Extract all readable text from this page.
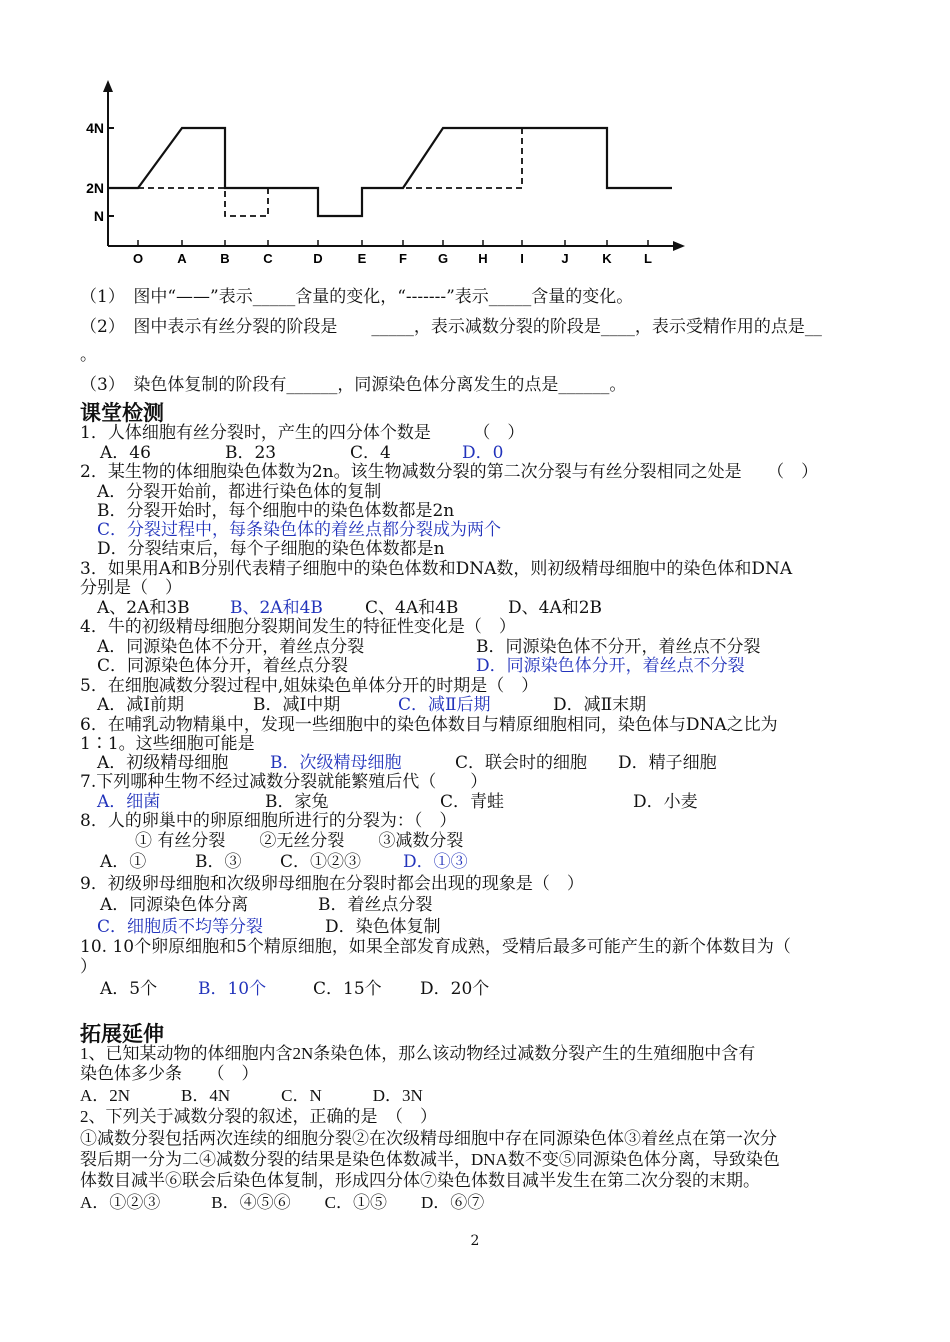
4N
2N
N
O	A	B	C	D	E	F G H I	J	K L
（1）　图中“——”表示_____含量的变化，“-------”表示_____含量的变化。
（2）　图中表示有丝分裂的阶段是　　_____，表示减数分裂的阶段是____，表示受精作用的点是__
。
（3）　染色体复制的阶段有______，同源染色体分离发生的点是______。
课堂检测
1．人体细胞有丝分裂时，产生的四分体个数是　　　（　）
A．46	B．23	C．4	D．0
2．某生物的体细胞染色体数为2n。该生物减数分裂的第二次分裂与有丝分裂相同之处是　　（　）
A．分裂开始前，都进行染色体的复制
B．分裂开始时，每个细胞中的染色体数都是2n
C．分裂过程中，每条染色体的着丝点都分裂成为两个
D．分裂结束后，每个子细胞的染色体数都是n
3．如果用A和B分别代表精子细胞中的染色体数和DNA数，则初级精母细胞中的染色体和DNA
分别是（　）
A、2A和3B B、2A和4B C、4A和4B	D、4A和2B
4．牛的初级精母细胞分裂期间发生的特征性变化是（　）
A．同源染色体不分开，着丝点分裂	B．同源染色体不分开，着丝点不分裂
C．同源染色体分开，着丝点分裂	D．同源染色体分开，着丝点不分裂
5．在细胞减数分裂过程中,姐妹染色单体分开的时期是（　）
A．减Ⅰ前期	B．减Ⅰ中期	C．减Ⅱ后期	D．减Ⅱ末期
6．在哺乳动物精巢中，发现一些细胞中的染色体数目与精原细胞相同，染色体与DNA之比为
1∶1。这些细胞可能是
A．初级精母细胞 B．次级精母细胞	C．联会时的细胞 D．精子细胞
7.下列哪种生物不经过减数分裂就能繁殖后代（　　）
A．细菌	B．家兔	C．青蛙	D．小麦
8．人的卵巢中的卵原细胞所进行的分裂为：（　）
① 有丝分裂　　②无丝分裂　　③减数分裂
A．①	B．③ C．①②③ D．①③
9．初级卵母细胞和次级卵母细胞在分裂时都会出现的现象是（　）
A．同源染色体分离	B．着丝点分裂
C．细胞质不均等分裂	D．染色体复制
10. 10个卵原细胞和5个精原细胞，如果全部发育成熟，受精后最多可能产生的新个体数目为（
）
A．5个 B．10个	C．15个 D．20个
拓展延伸
1、已知某动物的体细胞内含2N条染色体，那么该动物经过减数分裂产生的生殖细胞中含有
染色体多少条　　（　）
A．2N　　　B．4N　　　C．N　　　D．3N
2、下列关于减数分裂的叙述，正确的是　（　）
①减数分裂包括两次连续的细胞分裂②在次级精母细胞中存在同源染色体③着丝点在第一次分
裂后期一分为二④减数分裂的结果是染色体数减半，DNA数不变⑤同源染色体分离，导致染色
体数目减半⑥联会后染色体复制，形成四分体⑦染色体数目减半发生在第二次分裂的末期。
A．①②③　　　B．④⑤⑥　　C．①⑤　　D．⑥⑦
2
